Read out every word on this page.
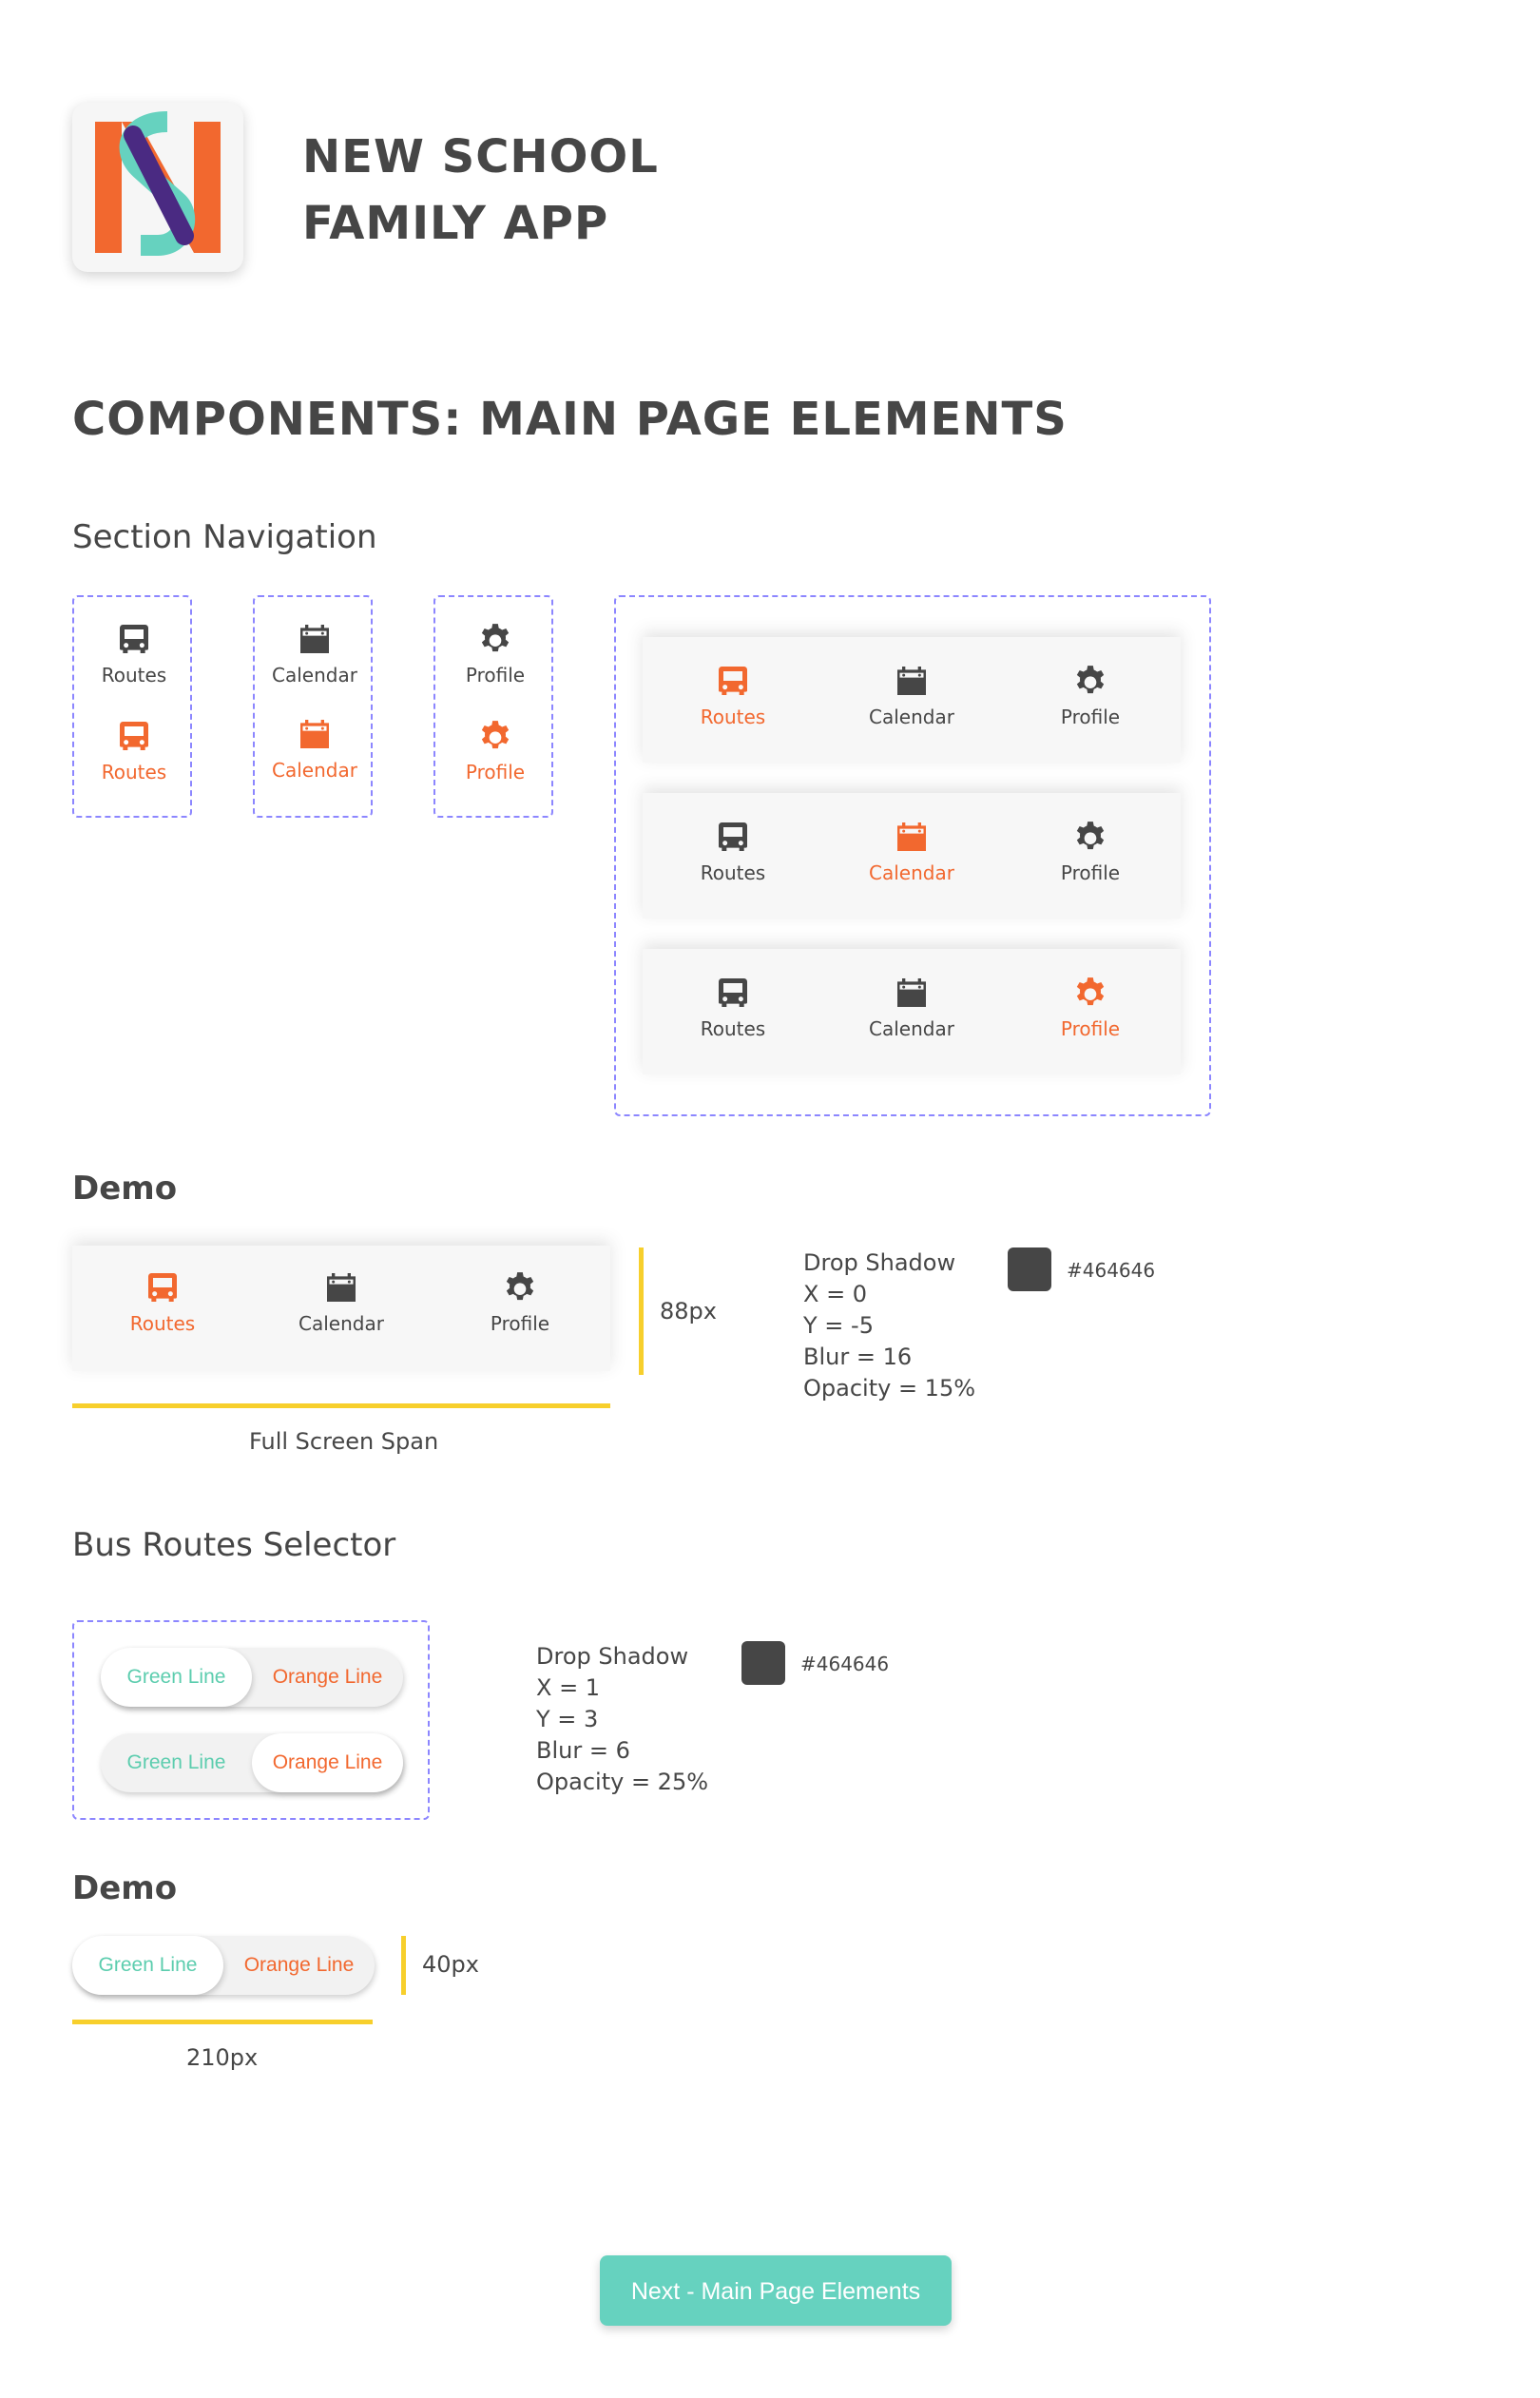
NEW SCHOOL
FAMILY APP
COMPONENTS: MAIN PAGE ELEMENTS
Section Navigation
Routes
Routes
Calendar
Calendar
Profile
Profile
Routes	Calendar	Profile
Routes	Calendar	Profile
Routes	Calendar	Profile
Demo
Routes	Calendar	Profile	88px
Full Screen Span
Drop Shadow
X = 0
Y = -5
Blur = 16
Opacity = 15%
#464646
Bus Routes Selector
Green Line	Orange Line
Green Line	Orange Line
Drop Shadow
X = 1
Y = 3
Blur = 6
Opacity = 25%
#464646
Demo
Green Line	Orange Line	40px
210px
Next - Main Page Elements
